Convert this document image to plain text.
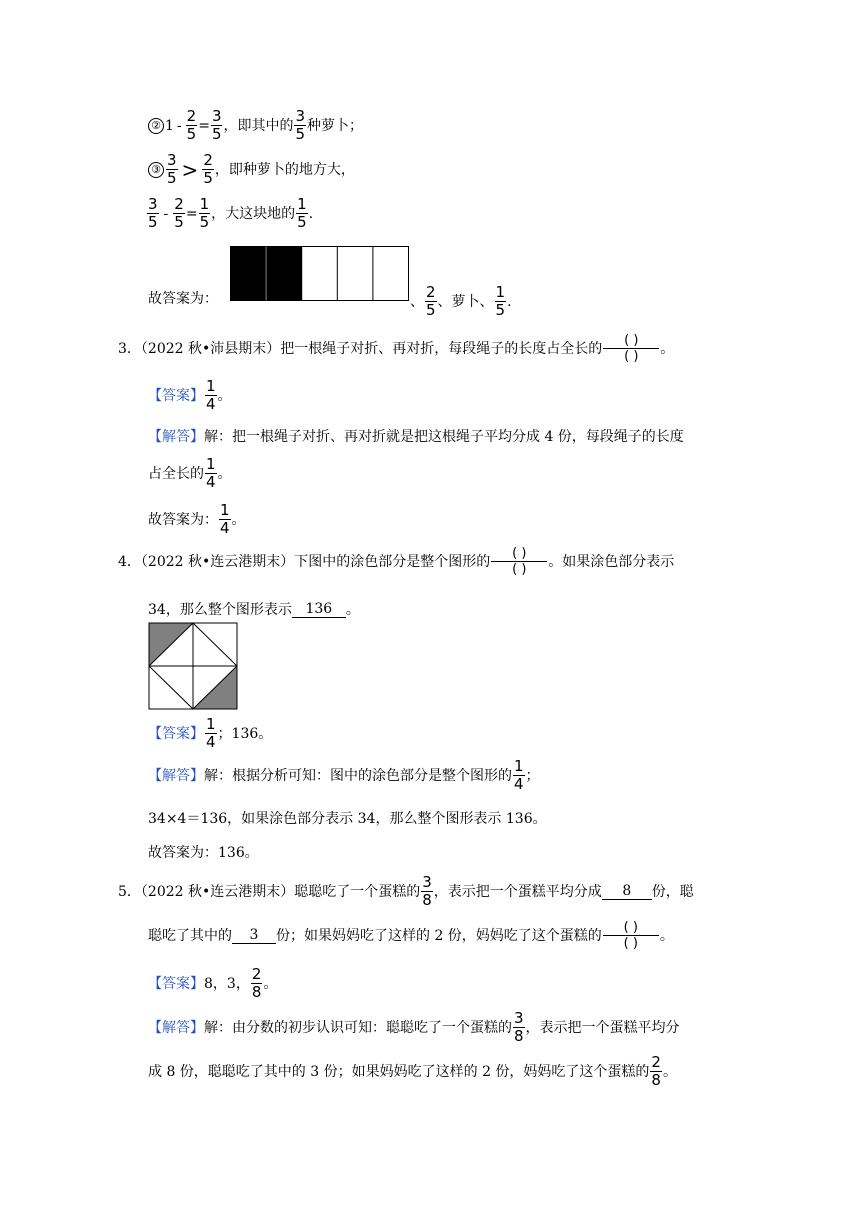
② $1 - \frac{2}{5} = \frac{3}{5}$ ，即其中的 $\frac{3}{5}$ 种萝卜；
③ $\frac{3}{5} > \frac{2}{5}$ ，即种萝卜的地方大，
$\frac{3}{5} - \frac{2}{5} = \frac{1}{5}$ ，大这块地的 $\frac{1}{5}$ .
故答案为：	、 $\frac{2}{5}$ 、萝卜、 $\frac{1}{5}$ .
3．（2022 秋•沛县期末）把一根绳子对折、再对折，每段绳子的长度占全长的 $\frac{( )}{( )}$ 。
【答案】 $\frac{1}{4}$ 。
【解答】 解：把一根绳子对折、再对折就是把这根绳子平均分成 4 份，每段绳子的长度
占全长的 $\frac{1}{4}$ 。
故答案为： $\frac{1}{4}$ 。
4．（2022 秋•连云港期末）下图中的涂色部分是整个图形的 $\frac{( )}{( )}$ 。如果涂色部分表示
34，那么整个图形表示 136 。
【答案】 $\frac{1}{4}$ ；136。
【解答】 解：根据分析可知：图中的涂色部分是整个图形的 $\frac{1}{4}$ ；
34×4＝136，如果涂色部分表示 34，那么整个图形表示 136。
故答案为：136。
5．（2022 秋•连云港期末）聪聪吃了一个蛋糕的 $\frac{3}{8}$ ，表示把一个蛋糕平均分成	8	份，聪
聪吃了其中的	3	份；如果妈妈吃了这样的 2 份，妈妈吃了这个蛋糕的 $\frac{( )}{( )}$ 。
【答案】 8，3， $\frac{2}{8}$ 。
【解答】 解：由分数的初步认识可知：聪聪吃了一个蛋糕的 $\frac{3}{8}$ ，表示把一个蛋糕平均分
成 8 份，聪聪吃了其中的 3 份；如果妈妈吃了这样的 2 份，妈妈吃了这个蛋糕的 $\frac{2}{8}$ 。
